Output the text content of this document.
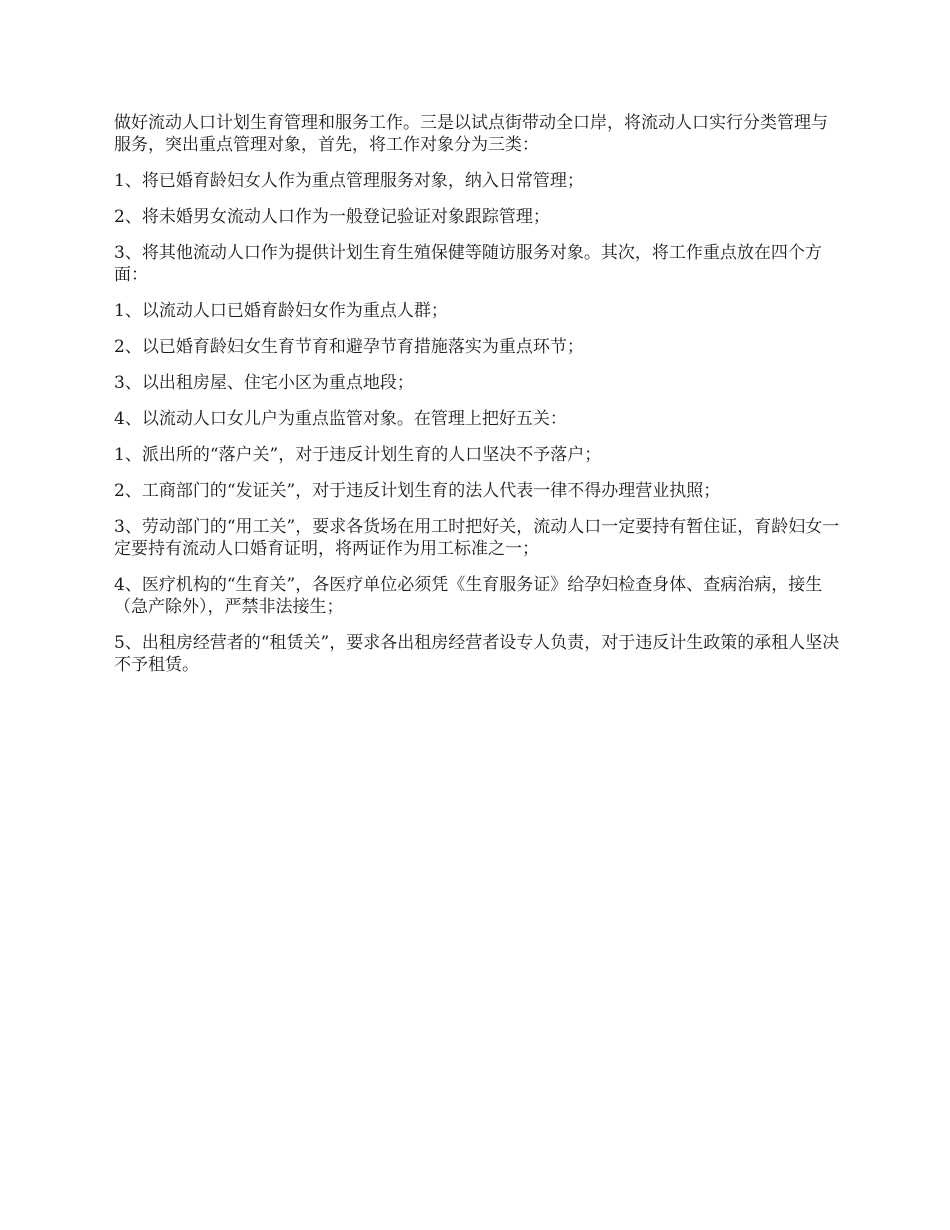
做好流动人口计划生育管理和服务工作。三是以试点街带动全口岸，将流动人口实行分类管理与服务，突出重点管理对象，首先，将工作对象分为三类：

1、将已婚育龄妇女人作为重点管理服务对象，纳入日常管理；

2、将未婚男女流动人口作为一般登记验证对象跟踪管理；

3、将其他流动人口作为提供计划生育生殖保健等随访服务对象。其次，将工作重点放在四个方面：

1、以流动人口已婚育龄妇女作为重点人群；

2、以已婚育龄妇女生育节育和避孕节育措施落实为重点环节；

3、以出租房屋、住宅小区为重点地段；

4、以流动人口女儿户为重点监管对象。在管理上把好五关：

1、派出所的“落户关”，对于违反计划生育的人口坚决不予落户；

2、工商部门的“发证关”，对于违反计划生育的法人代表一律不得办理营业执照；

3、劳动部门的“用工关”，要求各货场在用工时把好关，流动人口一定要持有暂住证，育龄妇女一定要持有流动人口婚育证明，将两证作为用工标准之一；

4、医疗机构的“生育关”，各医疗单位必须凭《生育服务证》给孕妇检查身体、查病治病，接生（急产除外），严禁非法接生；

5、出租房经营者的“租赁关”，要求各出租房经营者设专人负责，对于违反计生政策的承租人坚决不予租赁。
